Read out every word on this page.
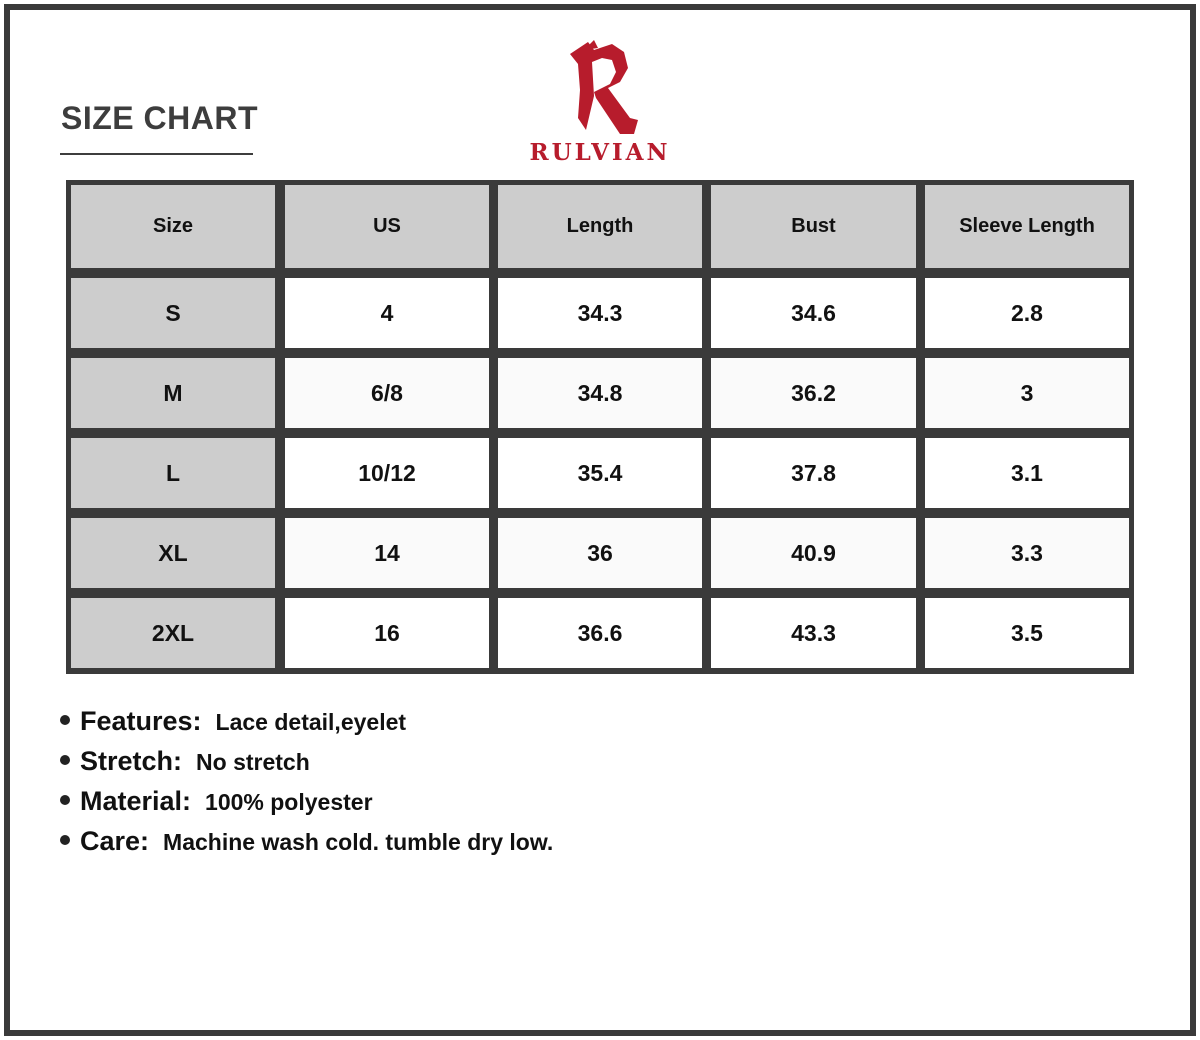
SIZE CHART
RULVIAN
Size	US	Length	Bust	Sleeve Length
S	4	34.3	34.6	2.8
M	6/8	34.8	36.2	3
L	10/12	35.4	37.8	3.1
XL	14	36	40.9	3.3
2XL	16	36.6	43.3	3.5
Features: Lace detail,eyelet
Stretch: No stretch
Material: 100% polyester
Care: Machine wash cold. tumble dry low.
